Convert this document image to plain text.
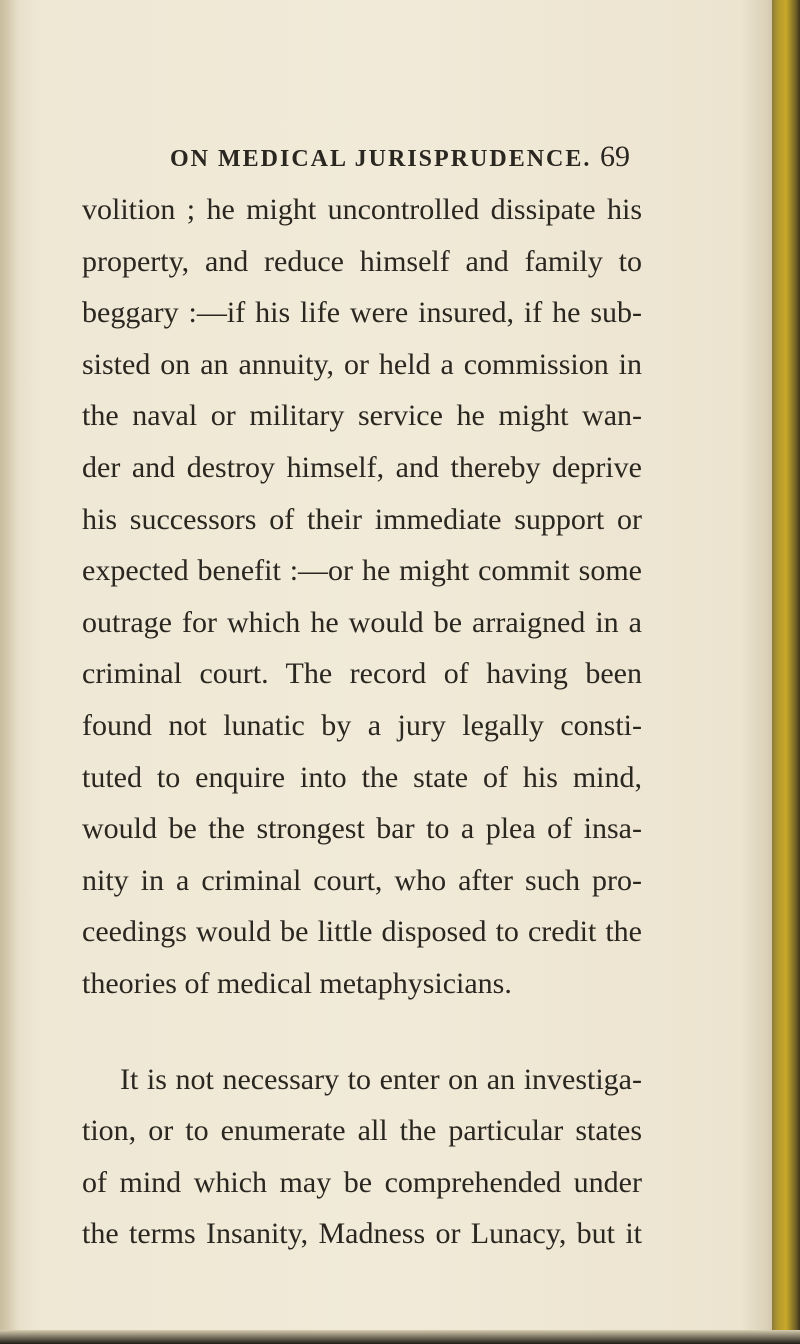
ON MEDICAL JURISPRUDENCE. 69
volition ; he might uncontrolled dissipate his
property, and reduce himself and family to
beggary :—if his life were insured, if he sub-
sisted on an annuity, or held a commission in
the naval or military service he might wan-
der and destroy himself, and thereby deprive
his successors of their immediate support or
expected benefit :—or he might commit some
outrage for which he would be arraigned in a
criminal court. The record of having been
found not lunatic by a jury legally consti-
tuted to enquire into the state of his mind,
would be the strongest bar to a plea of insa-
nity in a criminal court, who after such pro-
ceedings would be little disposed to credit the
theories of medical metaphysicians.
It is not necessary to enter on an investiga-
tion, or to enumerate all the particular states
of mind which may be comprehended under
the terms Insanity, Madness or Lunacy, but it
